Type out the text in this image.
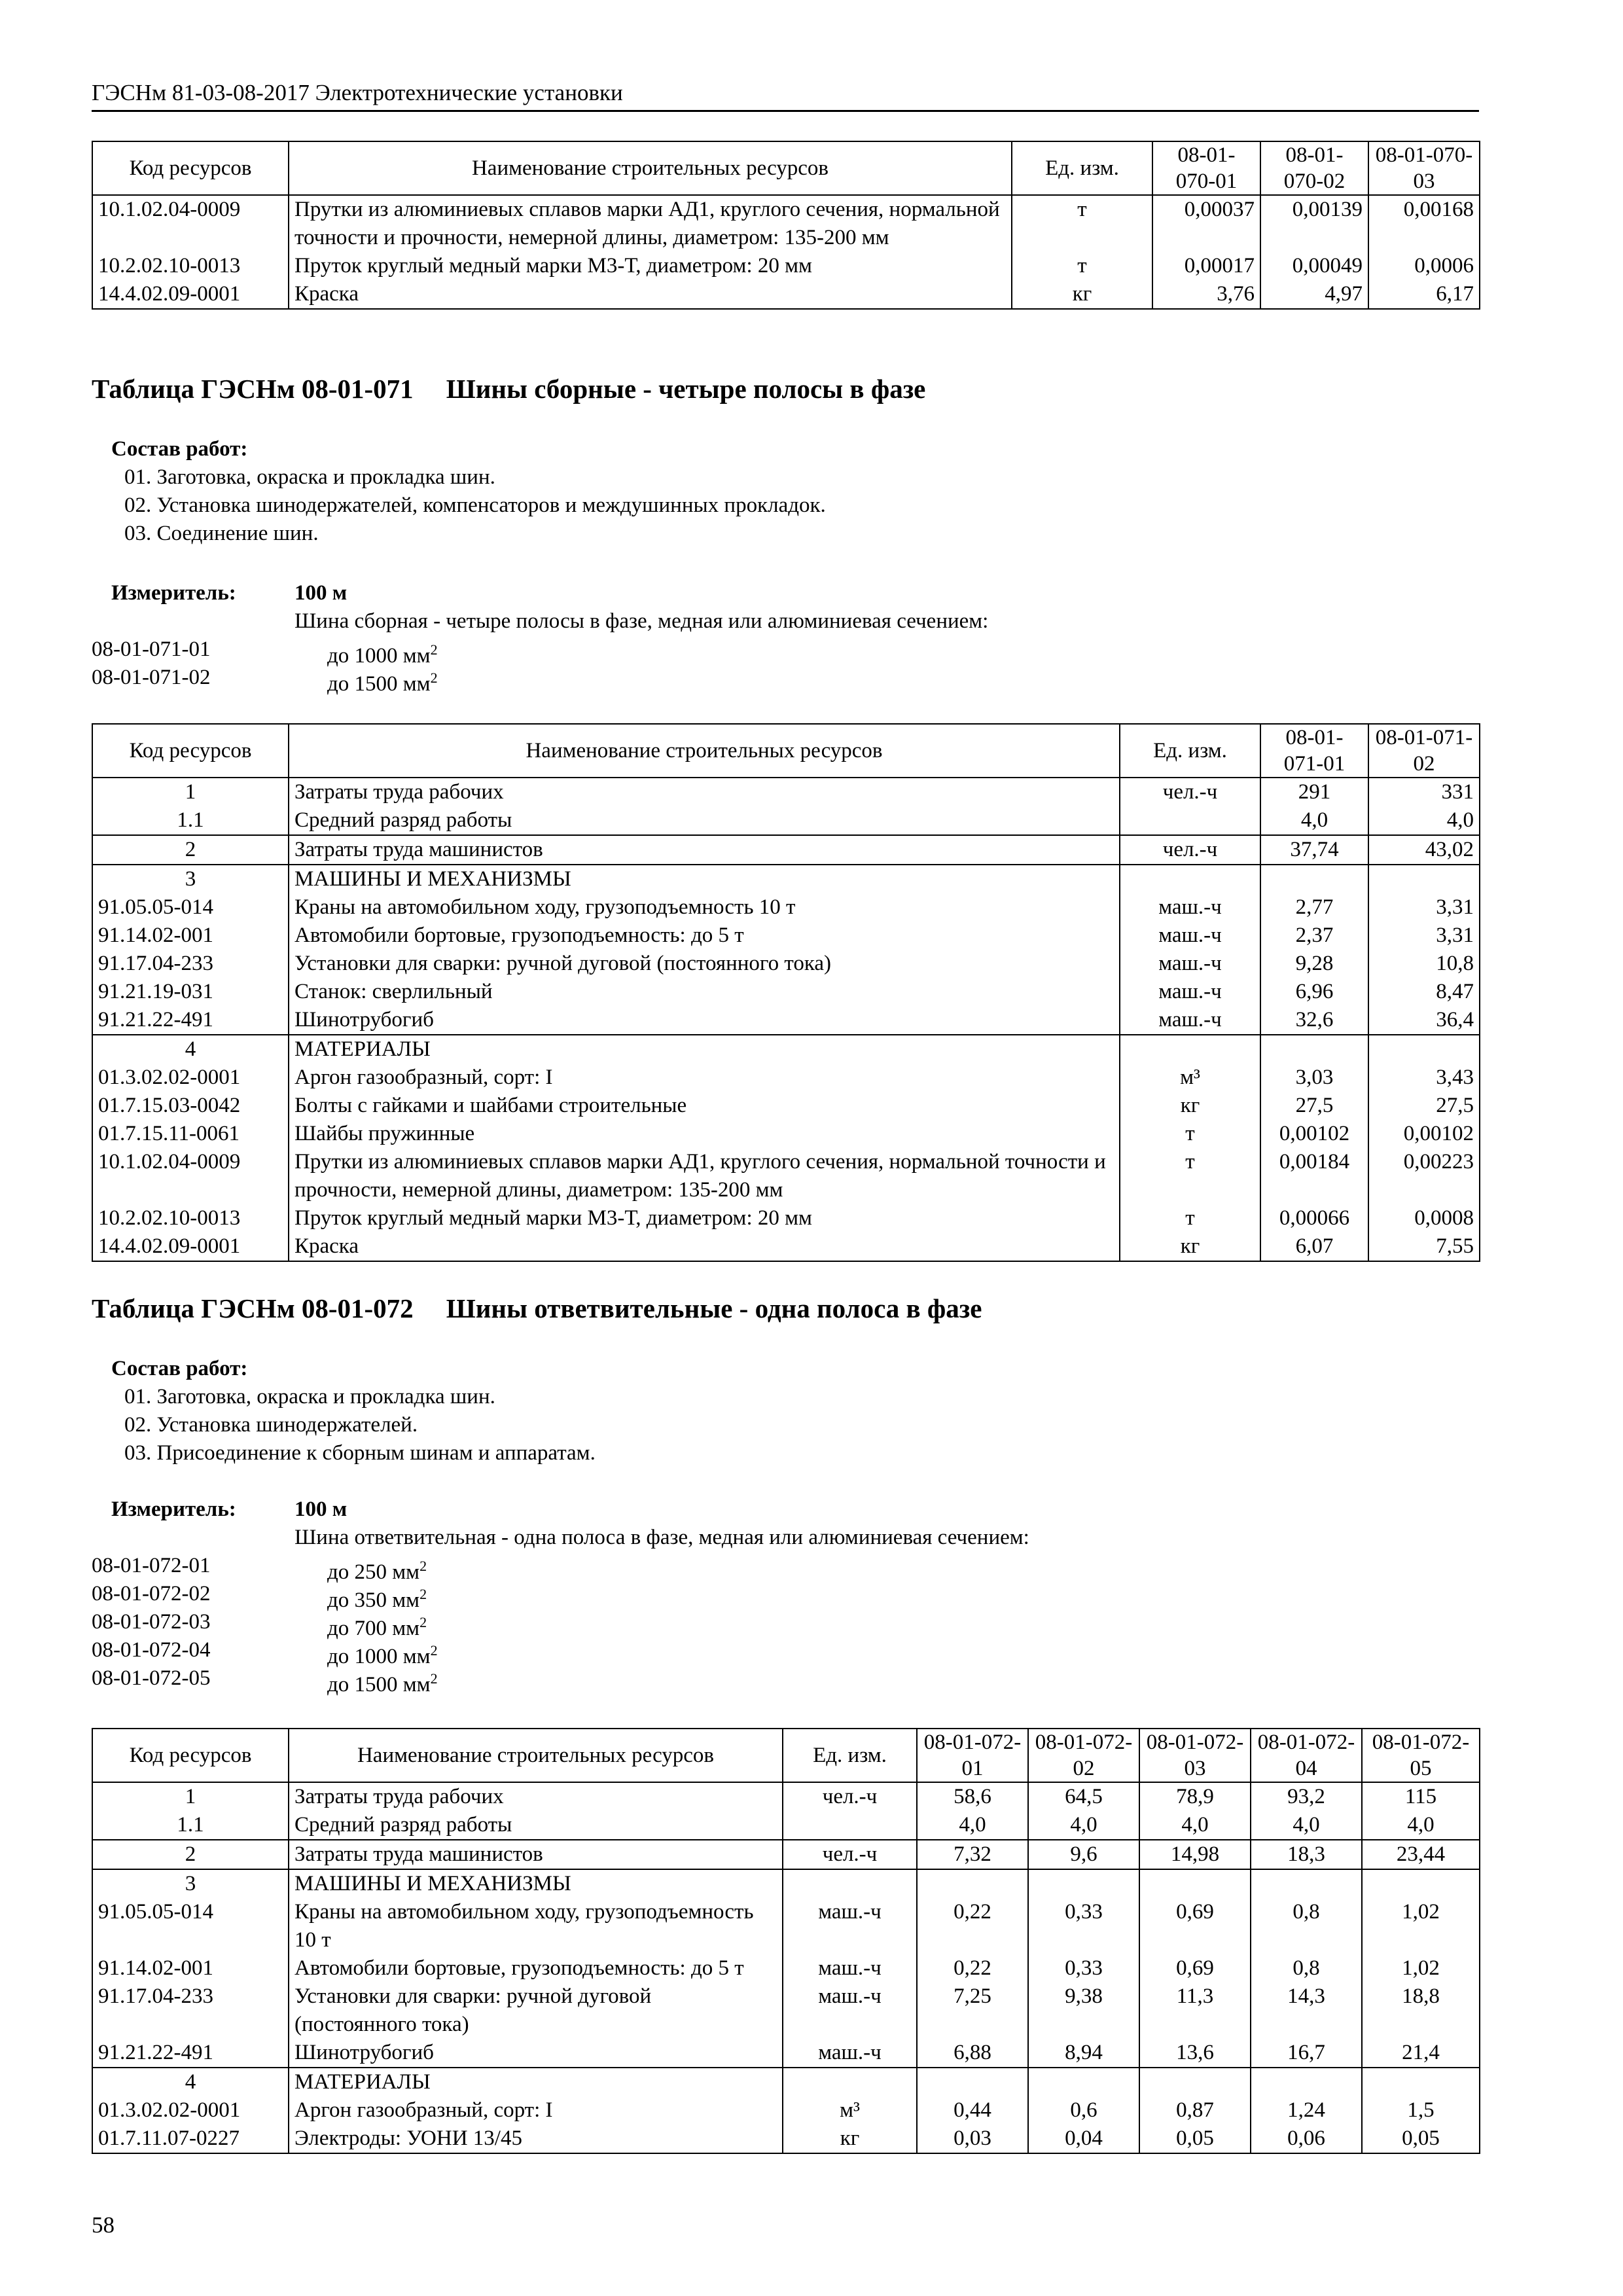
ГЭСНм 81-03-08-2017 Электротехнические установки
Код ресурсов	Наименование строительных ресурсов	Ед. изм.	08-01-070-01	08-01-070-02	08-01-070-03
10.1.02.04-0009	Прутки из алюминиевых сплавов марки АД1, круглого сечения, нормальной точности и прочности, немерной длины, диаметром: 135-200 мм	т	0,00037	0,00139	0,00168
10.2.02.10-0013	Пруток круглый медный марки М3-Т, диаметром: 20 мм	т	0,00017	0,00049	0,0006
14.4.02.09-0001	Краска	кг	3,76	4,97	6,17
Таблица ГЭСНм 08-01-071 Шины сборные - четыре полосы в фазе
Состав работ:
01. Заготовка, окраска и прокладка шин.
02. Установка шинодержателей, компенсаторов и междушинных прокладок.
03. Соединение шин.
Измеритель:	100 м
Шина сборная - четыре полосы в фазе, медная или алюминиевая сечением:
08-01-071-01	до 1000 $мм^2$
08-01-071-02	до 1500 $мм^2$
Код ресурсов	Наименование строительных ресурсов	Ед. изм.	08-01-071-01	08-01-071-02
1	Затраты труда рабочих	чел.-ч	291	331
1.1	Средний разряд работы		4,0	4,0
2	Затраты труда машинистов	чел.-ч	37,74	43,02
3	МАШИНЫ И МЕХАНИЗМЫ			
91.05.05-014	Краны на автомобильном ходу, грузоподъемность 10 т	маш.-ч	2,77	3,31
91.14.02-001	Автомобили бортовые, грузоподъемность: до 5 т	маш.-ч	2,37	3,31
91.17.04-233	Установки для сварки: ручной дуговой (постоянного тока)	маш.-ч	9,28	10,8
91.21.19-031	Станок: сверлильный	маш.-ч	6,96	8,47
91.21.22-491	Шинотрубогиб	маш.-ч	32,6	36,4
4	МАТЕРИАЛЫ			
01.3.02.02-0001	Аргон газообразный, сорт: I	м³	3,03	3,43
01.7.15.03-0042	Болты с гайками и шайбами строительные	кг	27,5	27,5
01.7.15.11-0061	Шайбы пружинные	т	0,00102	0,00102
10.1.02.04-0009	Прутки из алюминиевых сплавов марки АД1, круглого сечения, нормальной точности и прочности, немерной длины, диаметром: 135-200 мм	т	0,00184	0,00223
10.2.02.10-0013	Пруток круглый медный марки М3-Т, диаметром: 20 мм	т	0,00066	0,0008
14.4.02.09-0001	Краска	кг	6,07	7,55
Таблица ГЭСНм 08-01-072 Шины ответвительные - одна полоса в фазе
Состав работ:
01. Заготовка, окраска и прокладка шин.
02. Установка шинодержателей.
03. Присоединение к сборным шинам и аппаратам.
Измеритель:	100 м
Шина ответвительная - одна полоса в фазе, медная или алюминиевая сечением:
08-01-072-01	до 250 $мм^2$
08-01-072-02	до 350 $мм^2$
08-01-072-03	до 700 $мм^2$
08-01-072-04	до 1000 $мм^2$
08-01-072-05	до 1500 $мм^2$
Код ресурсов	Наименование строительных ресурсов	Ед. изм.	08-01-072-01	08-01-072-02	08-01-072-03	08-01-072-04	08-01-072-05
1	Затраты труда рабочих	чел.-ч	58,6	64,5	78,9	93,2	115
1.1	Средний разряд работы		4,0	4,0	4,0	4,0	4,0
2	Затраты труда машинистов	чел.-ч	7,32	9,6	14,98	18,3	23,44
3	МАШИНЫ И МЕХАНИЗМЫ						
91.05.05-014	Краны на автомобильном ходу, грузоподъемность 10 т	маш.-ч	0,22	0,33	0,69	0,8	1,02
91.14.02-001	Автомобили бортовые, грузоподъемность: до 5 т	маш.-ч	0,22	0,33	0,69	0,8	1,02
91.17.04-233	Установки для сварки: ручной дуговой (постоянного тока)	маш.-ч	7,25	9,38	11,3	14,3	18,8
91.21.22-491	Шинотрубогиб	маш.-ч	6,88	8,94	13,6	16,7	21,4
4	МАТЕРИАЛЫ						
01.3.02.02-0001	Аргон газообразный, сорт: I	м³	0,44	0,6	0,87	1,24	1,5
01.7.11.07-0227	Электроды: УОНИ 13/45	кг	0,03	0,04	0,05	0,06	0,05
58
